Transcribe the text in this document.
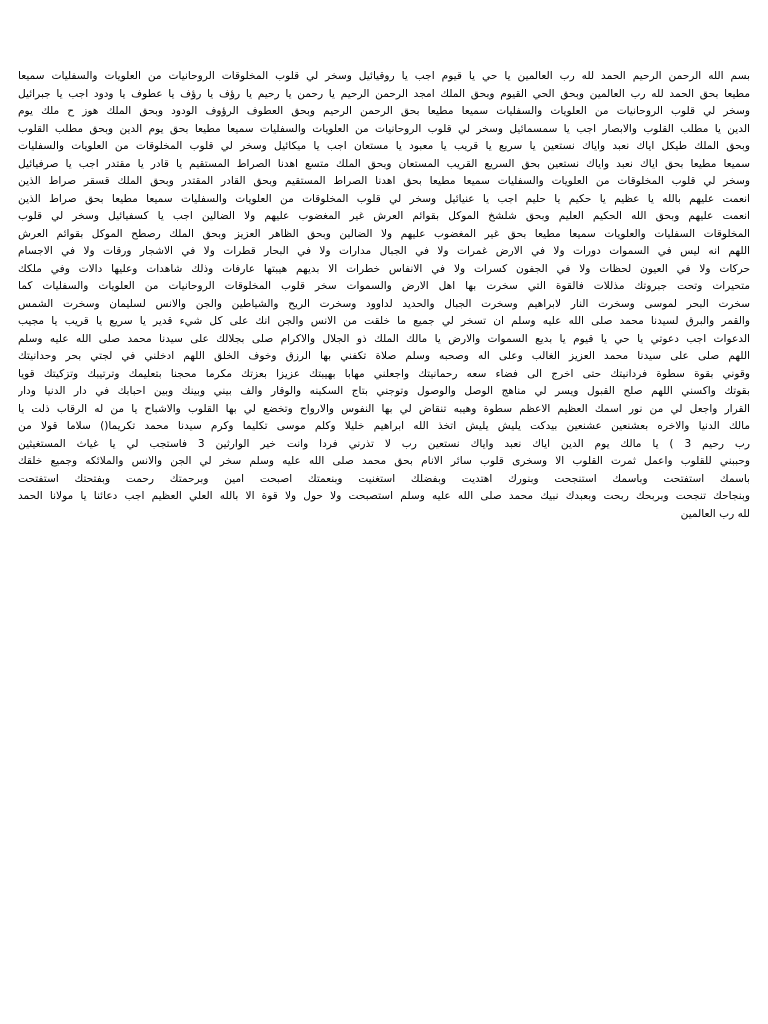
بسم الله الرحمن الرحيم الحمد لله رب العالمين يا حي يا قيوم اجب يا روقيائيل وسخر لي قلوب المخلوقات الروحانيات من العلويات والسفليات سميعا
مطيعا بحق الحمد لله رب العالمين وبحق الحي القيوم وبحق الملك امجد الرحمن الرحيم يا رحمن يا رحيم يا رؤف يا رؤف يا عطوف يا ودود اجب يا جبرائيل
وسخر لي قلوب الروحانيات من العلويات والسفليات سميعا مطيعا بحق الرحمن الرحيم وبحق العطوف الرؤوف الودود وبحق الملك هوز ح ملك يوم
الدين يا مطلب القلوب والابصار اجب يا سمسمائيل وسخر لي قلوب الروحانيات من العلويات والسفليات سميعا مطيعا بحق يوم الدين وبحق مطلب القلوب
وبحق الملك طيكل اياك نعبد واياك نستعين يا سريع يا قريب يا معبود يا مستعان اجب يا ميكائيل وسخر لي قلوب المخلوقات من العلويات والسفليات
سميعا مطيعا بحق اياك نعبد واياك نستعين بحق السريع القريب المستعان وبحق الملك متسع اهدنا الصراط المستقيم يا قادر يا مقتدر اجب يا صرفيائيل
وسخر لي قلوب المخلوقات من العلويات والسفليات سميعا مطيعا بحق اهدنا الصراط المستقيم وبحق القادر المقتدر وبحق الملك قسقر صراط الذين
انعمت عليهم بالله يا عظيم يا حكيم يا حليم اجب يا عنيائيل وسخر لي قلوب المخلوقات من العلويات والسفليات سميعا مطيعا بحق صراط الذين
انعمت عليهم وبحق الله الحكيم العليم وبحق شلشخ الموكل بقوائم العرش غير المغضوب عليهم ولا الضالين اجب يا كسفيائيل وسخر لي قلوب
المخلوقات السفليات والعلويات سميعا مطيعا بحق غير المغضوب عليهم ولا الضالين وبحق الظاهر العزيز وبحق الملك رصطح الموكل بقوائم العرش
اللهم انه ليس في السموات دورات ولا في الارض غمرات ولا في الجبال مدارات ولا في البحار قطرات ولا في الاشجار ورقات ولا في الاجسام
حركات ولا في العيون لحظات ولا في الجفون كسرات ولا في الانفاس خطرات الا بديهم هيبتها عارفات وذلك شاهدات وعليها دالات وفي ملكك
متحيرات وتحت جبروتك مذللات فالقوة التي سخرت بها اهل الارض والسموات سخر قلوب المخلوقات الروحانيات من العلويات والسفليات كما
سخرت البحر لموسى وسخرت النار لابراهيم وسخرت الجبال والحديد لداوود وسخرت الريح والشياطين والجن والانس لسليمان وسخرت الشمس
والقمر والبرق لسيدنا محمد صلى الله عليه وسلم ان تسخر لي جميع ما خلقت من الانس والجن انك على كل شيء قدير يا سريع يا قريب يا مجيب
الدعوات اجب دعوتي يا حي يا قيوم يا بديع السموات والارض يا مالك الملك ذو الجلال والاكرام صلى بجلالك على سيدنا محمد صلى الله عليه وسلم
اللهم صلى على سيدنا محمد العزيز الغالب وعلى اله وصحبه وسلم صلاة تكفني بها الرزق وخوف الخلق اللهم ادخلني في لجتي بحر وحدانيتك
وقوني بقوة سطوة فردانيتك حتى اخرج الى فضاء سعه رحمانيتك واجعلني مهابا بهيبتك عزيزا بعزتك مكرما محجنا بتعليمك وترتيبك وتزكيتك قويا
بقوتك واكسني اللهم صلح القبول ويسر لي مناهج الوصل والوصول وتوجني بتاج السكينه والوقار والف بيني وبينك وبين احبابك في دار الدنيا ودار
القرار واجعل لي من نور اسمك العظيم الاعظم سطوة وهيبه تنقاض لي بها النفوس والارواح وتخضع لي بها القلوب والاشباح يا من له الرقاب ذلت يا
مالك الدنيا والاخره بعشنعين عشنعين بيدكت يليش يليش اتخذ الله ابراهيم خليلا وكلم موسى تكليما وكرم سيدنا محمد تكريما() سلاما قولا من
رب رحيم 3 ) يا مالك يوم الدين اياك نعبد واياك نستعين رب لا تذرني فردا وانت خير الوارثين 3 فاستجب لي يا غياث المستغيثين
وحببني للقلوب واعمل ثمرت القلوب الا وسخرى قلوب سائر الانام بحق محمد صلى الله عليه وسلم سخر لي الجن والانس والملائكه وجميع خلقك
باسمك استفتحت وباسمك استنجحت وبنورك اهتديت وبفضلك استغنيت وبنعمتك اصبحت امين وبرحمتك رحمت وبفتحتك استفتحت
وبنجاحك تنجحت وبربحك ربحت وبعبدك نبيك محمد صلى الله عليه وسلم استصبحت ولا حول ولا قوة الا بالله العلي العظيم اجب دعائنا يا مولانا الحمد
لله رب العالمين
